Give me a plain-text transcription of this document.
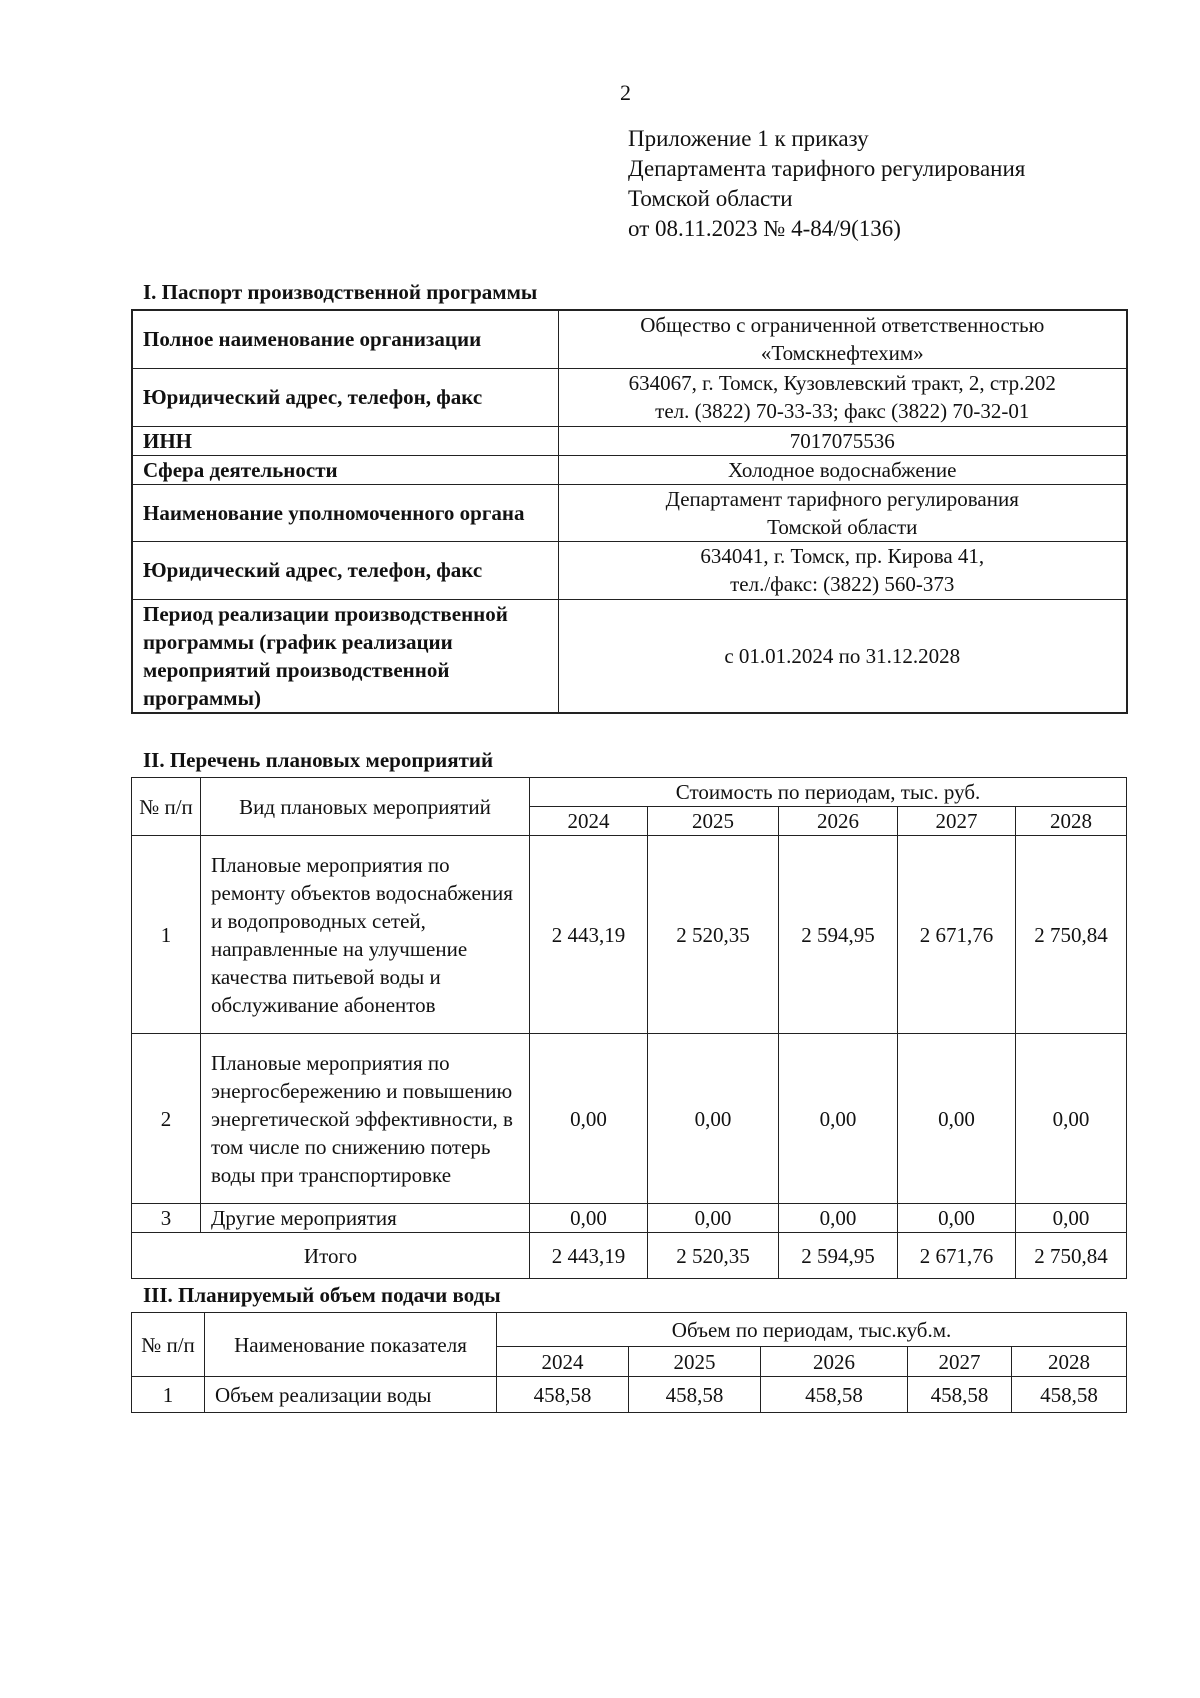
2
Приложение 1 к приказу
Департамента тарифного регулирования
Томской области
от 08.11.2023 № 4-84/9(136)
I. Паспорт производственной программы
Полное наименование организации	Общество с ограниченной ответственностью
«Томскнефтехим»

Юридический адрес, телефон, факс	634067, г. Томск, Кузовлевский тракт, 2, стр.202
тел. (3822) 70-33-33; факс (3822) 70-32-01

ИНН	7017075536
Сфера деятельности	Холодное водоснабжение
Наименование уполномоченного органа	Департамент тарифного регулирования
Томской области

Юридический адрес, телефон, факс	634041, г. Томск, пр. Кирова 41,
тел./факс: (3822) 560-373

Период реализации производственной программы (график реализации мероприятий производственной программы)	с 01.01.2024 по 31.12.2028
II. Перечень плановых мероприятий
№ п/п	Вид плановых мероприятий	Стоимость по периодам, тыс. руб.				
		2024	2025	2026	2027	2028
1	Плановые мероприятия по ремонту объектов водоснабжения и водопроводных сетей, направленные на улучшение качества питьевой воды и обслуживание абонентов	2 443,19	2 520,35	2 594,95	2 671,76	2 750,84
2	Плановые мероприятия по энергосбережению и повышению энергетической эффективности, в том числе по снижению потерь воды при транспортировке	0,00	0,00	0,00	0,00	0,00
3	Другие мероприятия	0,00	0,00	0,00	0,00	0,00
Итого		2 443,19	2 520,35	2 594,95	2 671,76	2 750,84
III. Планируемый объем подачи воды
№ п/п	Наименование показателя	Объем по периодам, тыс.куб.м.				
		2024	2025	2026	2027	2028
1	Объем реализации воды	458,58	458,58	458,58	458,58	458,58
